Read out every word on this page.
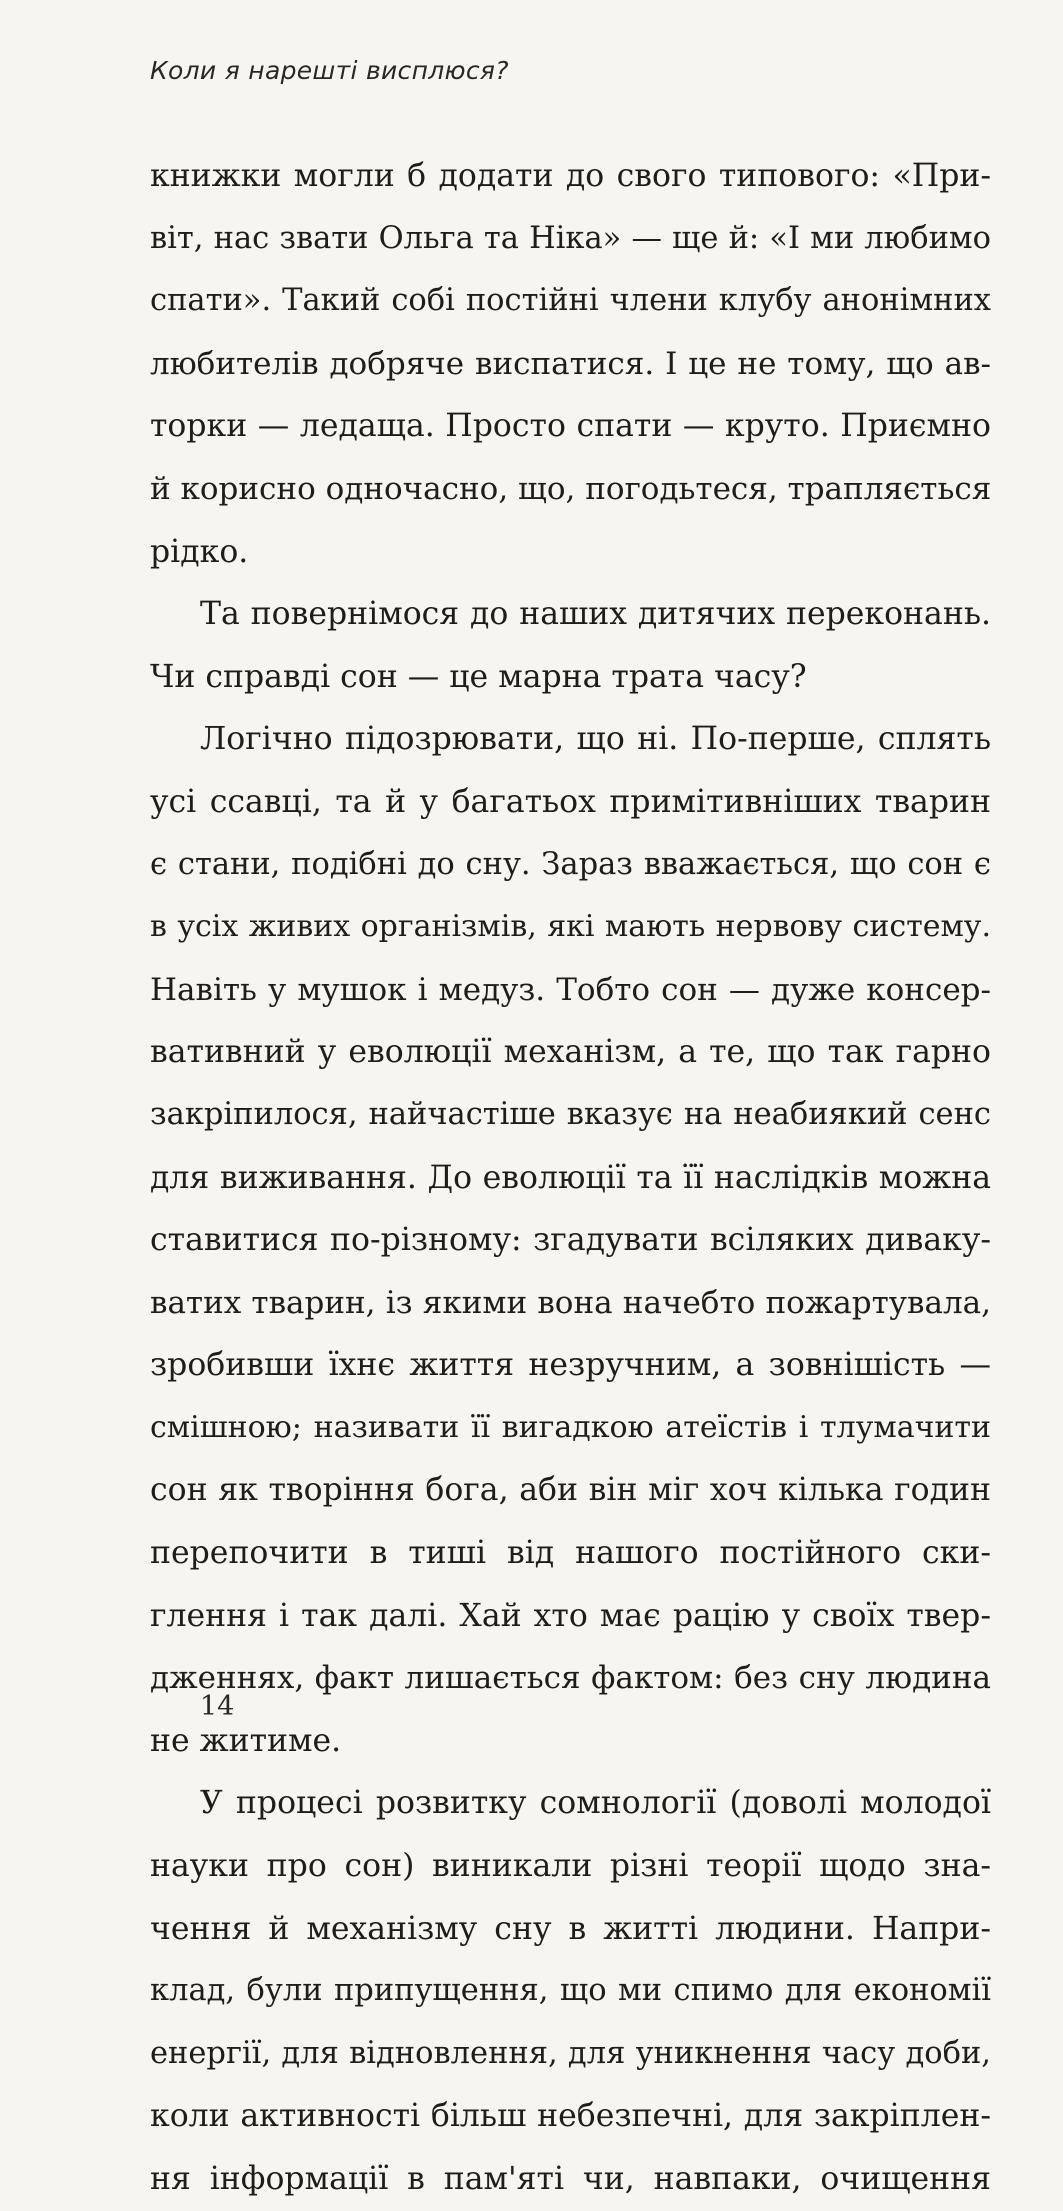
Коли я нарешті висплюся?
книжки могли б додати до свого типового: «При-
віт, нас звати Ольга та Ніка» — ще й: «І ми любимо
спати». Такий собі постійні члени клубу анонімних
любителів добряче виспатися. І це не тому, що ав-
торки — ледаща. Просто спати — круто. Приємно
й корисно одночасно, що, погодьтеся, трапляється
рідко.
Та повернімося до наших дитячих переконань.
Чи справді сон — це марна трата часу?
Логічно підозрювати, що ні. По-перше, сплять
усі ссавці, та й у багатьох примітивніших тварин
є стани, подібні до сну. Зараз вважається, що сон є
в усіх живих організмів, які мають нервову систему.
Навіть у мушок і медуз. Тобто сон — дуже консер-
вативний у еволюції механізм, а те, що так гарно
закріпилося, найчастіше вказує на неабиякий сенс
для виживання. До еволюції та її наслідків можна
ставитися по-різному: згадувати всіляких дивaку-
ватих тварин, із якими вона начебто пожартувала,
зробивши їхнє життя незручним, а зовнішість —
смішною; називати її вигадкою атеїстів і тлумачити
сон як творіння бога, аби він міг хоч кілька годин
перепочити в тиші від нашого постійного ски-
глення і так далі. Хай хто має рацію у своїх твер-
дженнях, факт лишається фактом: без сну людина
не житиме.
У процесі розвитку сомнології (доволі молодої
науки про сон) виникали різні теорії щодо зна-
чення й механізму сну в житті людини. Напри-
клад, були припущення, що ми спимо для економії
енергії, для відновлення, для уникнення часу доби,
коли активності більш небезпечні, для закріплен-
ня інформації в пам'яті чи, навпаки, очищення
14
